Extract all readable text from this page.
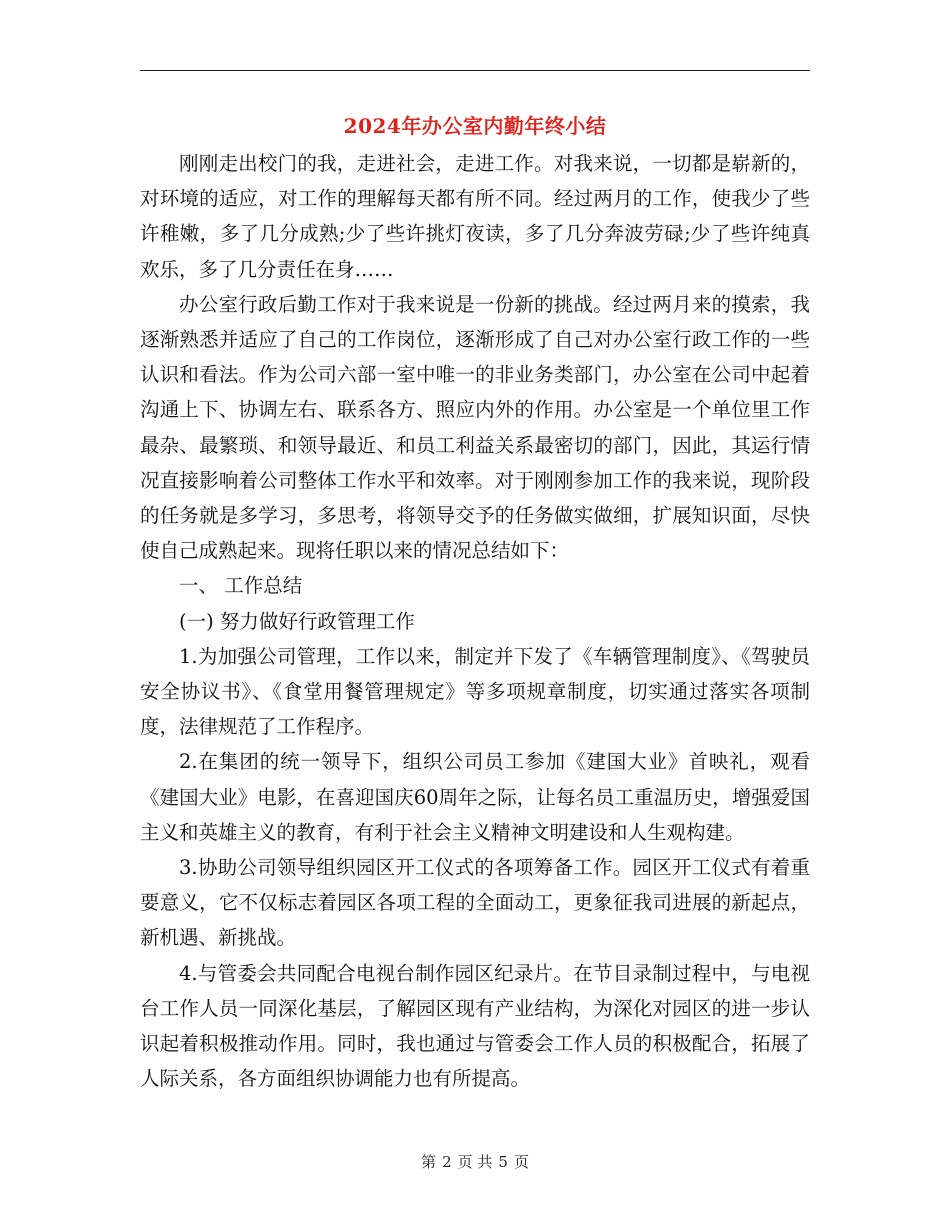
2024年办公室内勤年终小结

刚刚走出校门的我，走进社会，走进工作。对我来说，一切都是崭新的，对环境的适应，对工作的理解每天都有所不同。经过两月的工作，使我少了些许稚嫩，多了几分成熟;少了些许挑灯夜读，多了几分奔波劳碌;少了些许纯真欢乐，多了几分责任在身……

办公室行政后勤工作对于我来说是一份新的挑战。经过两月来的摸索，我逐渐熟悉并适应了自己的工作岗位，逐渐形成了自己对办公室行政工作的一些认识和看法。作为公司六部一室中唯一的非业务类部门，办公室在公司中起着沟通上下、协调左右、联系各方、照应内外的作用。办公室是一个单位里工作最杂、最繁琐、和领导最近、和员工利益关系最密切的部门，因此，其运行情况直接影响着公司整体工作水平和效率。对于刚刚参加工作的我来说，现阶段的任务就是多学习，多思考，将领导交予的任务做实做细，扩展知识面，尽快使自己成熟起来。现将任职以来的情况总结如下：

一、 工作总结

(一) 努力做好行政管理工作

1.为加强公司管理，工作以来，制定并下发了《车辆管理制度》、《驾驶员安全协议书》、《食堂用餐管理规定》等多项规章制度，切实通过落实各项制度，法律规范了工作程序。

2.在集团的统一领导下，组织公司员工参加《建国大业》首映礼，观看《建国大业》电影，在喜迎国庆60周年之际，让每名员工重温历史，增强爱国主义和英雄主义的教育，有利于社会主义精神文明建设和人生观构建。

3.协助公司领导组织园区开工仪式的各项筹备工作。园区开工仪式有着重要意义，它不仅标志着园区各项工程的全面动工，更象征我司进展的新起点，新机遇、新挑战。

4.与管委会共同配合电视台制作园区纪录片。在节目录制过程中，与电视台工作人员一同深化基层，了解园区现有产业结构，为深化对园区的进一步认识起着积极推动作用。同时，我也通过与管委会工作人员的积极配合，拓展了人际关系，各方面组织协调能力也有所提高。

第 2 页 共 5 页
